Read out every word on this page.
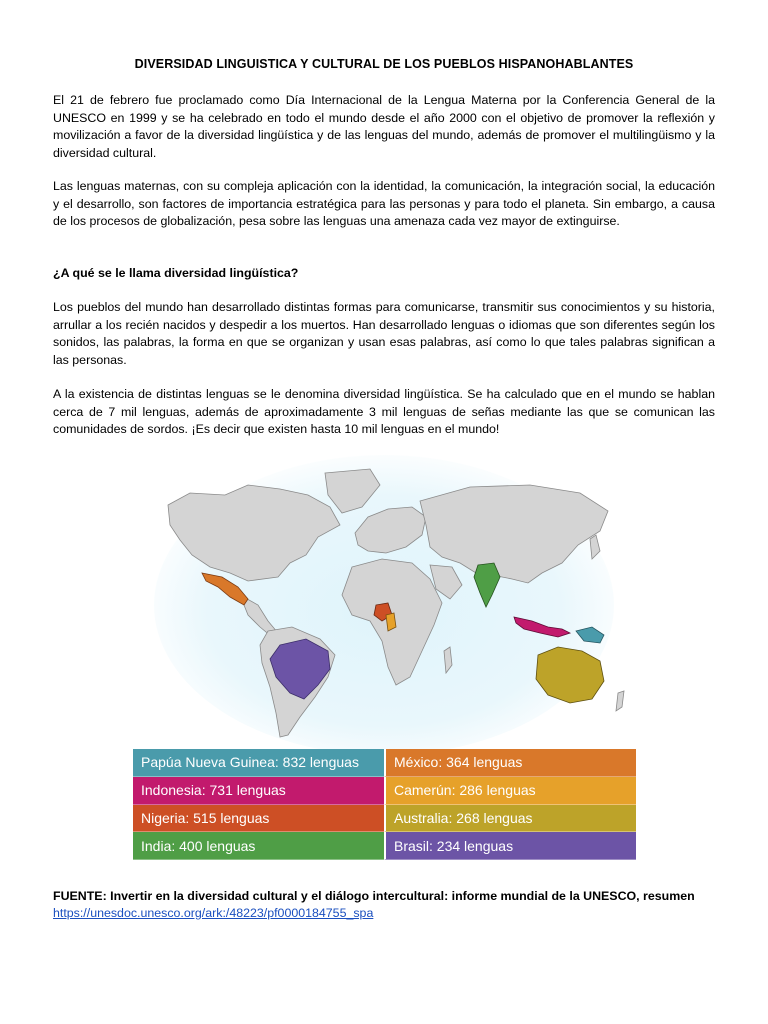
DIVERSIDAD LINGUISTICA Y CULTURAL DE LOS PUEBLOS HISPANOHABLANTES

El 21 de febrero fue proclamado como Día Internacional de la Lengua Materna por la Conferencia General de la UNESCO en 1999 y se ha celebrado en todo el mundo desde el año 2000 con el objetivo de promover la reflexión y movilización a favor de la diversidad lingüística y de las lenguas del mundo, además de promover el multilingüismo y la diversidad cultural.

Las lenguas maternas, con su compleja aplicación con la identidad, la comunicación, la integración social, la educación y el desarrollo, son factores de importancia estratégica para las personas y para todo el planeta. Sin embargo, a causa de los procesos de globalización, pesa sobre las lenguas una amenaza cada vez mayor de extinguirse.

¿A qué se le llama diversidad lingüística?

Los pueblos del mundo han desarrollado distintas formas para comunicarse, transmitir sus conocimientos y su historia, arrullar a los recién nacidos y despedir a los muertos. Han desarrollado lenguas o idiomas que son diferentes según los sonidos, las palabras, la forma en que se organizan y usan esas palabras, así como lo que tales palabras significan a las personas.

A la existencia de distintas lenguas se le denomina diversidad lingüística. Se ha calculado que en el mundo se hablan cerca de 7 mil lenguas, además de aproximadamente 3 mil lenguas de señas mediante las que se comunican las comunidades de sordos. ¡Es decir que existen hasta 10 mil lenguas en el mundo!

Papúa Nueva Guinea: 832 lenguas	México: 364 lenguas
Indonesia: 731 lenguas	Camerún: 286 lenguas
Nigeria: 515 lenguas	Australia: 268 lenguas
India: 400 lenguas	Brasil: 234 lenguas

FUENTE: Invertir en la diversidad cultural y el diálogo intercultural: informe mundial de la UNESCO, resumen

https://unesdoc.unesco.org/ark:/48223/pf0000184755_spa
